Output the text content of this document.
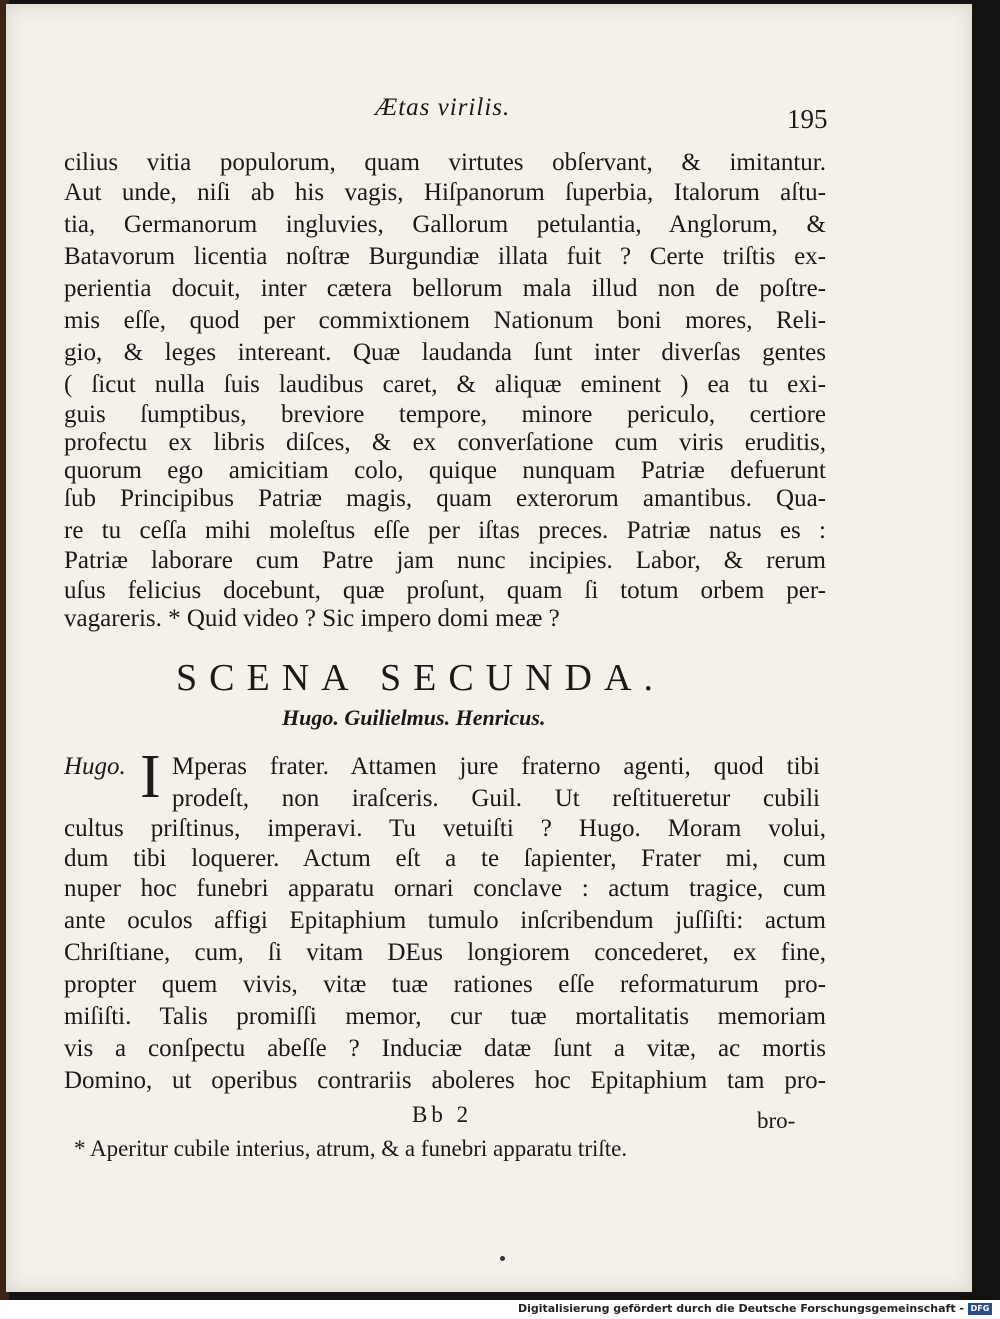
Ætas virilis.	195
cilius vitia populorum, quam virtutes obſervant, & imitantur.
Aut unde, niſi ab his vagis, Hiſpanorum ſuperbia, Italorum aſtu-
tia, Germanorum ingluvies, Gallorum petulantia, Anglorum, &
Batavorum licentia noſtræ Burgundiæ illata fuit ? Certe triſtis ex-
perientia docuit, inter cætera bellorum mala illud non de poſtre-
mis eſſe, quod per commixtionem Nationum boni mores, Reli-
gio, & leges intereant. Quæ laudanda ſunt inter diverſas gentes
( ſicut nulla ſuis laudibus caret, & aliquæ eminent ) ea tu exi-
guis ſumptibus, breviore tempore, minore periculo, certiore
profectu ex libris diſces, & ex converſatione cum viris eruditis,
quorum ego amicitiam colo, quique nunquam Patriæ defuerunt
ſub Principibus Patriæ magis, quam exterorum amantibus. Qua-
re tu ceſſa mihi moleſtus eſſe per iſtas preces. Patriæ natus es :
Patriæ laborare cum Patre jam nunc incipies. Labor, & rerum
uſus felicius docebunt, quæ proſunt, quam ſi totum orbem per-
vagareris. * Quid video ? Sic impero domi meæ ?
SCENA SECUNDA.
Hugo. Guilielmus. Henricus.
Hugo. I Mperas frater. Attamen jure fraterno agenti, quod tibi
prodeſt, non iraſceris. Guil. Ut reſtitueretur cubili
cultus priſtinus, imperavi. Tu vetuiſti ? Hugo. Moram volui,
dum tibi loquerer. Actum eſt a te ſapienter, Frater mi, cum
nuper hoc funebri apparatu ornari conclave : actum tragice, cum
ante oculos affigi Epitaphium tumulo inſcribendum juſſiſti: actum
Chriſtiane, cum, ſi vitam DEus longiorem concederet, ex fine,
propter quem vivis, vitæ tuæ rationes eſſe reformaturum pro-
miſiſti. Talis promiſſi memor, cur tuæ mortalitatis memoriam
vis a conſpectu abeſſe ? Induciæ datæ ſunt a vitæ, ac mortis
Domino, ut operibus contrariis aboleres hoc Epitaphium tam pro-
Bb 2	bro-
* Aperitur cubile interius, atrum, & a funebri apparatu triſte.
Digitalisierung gefördert durch die Deutsche Forschungsgemeinschaft - DFG
